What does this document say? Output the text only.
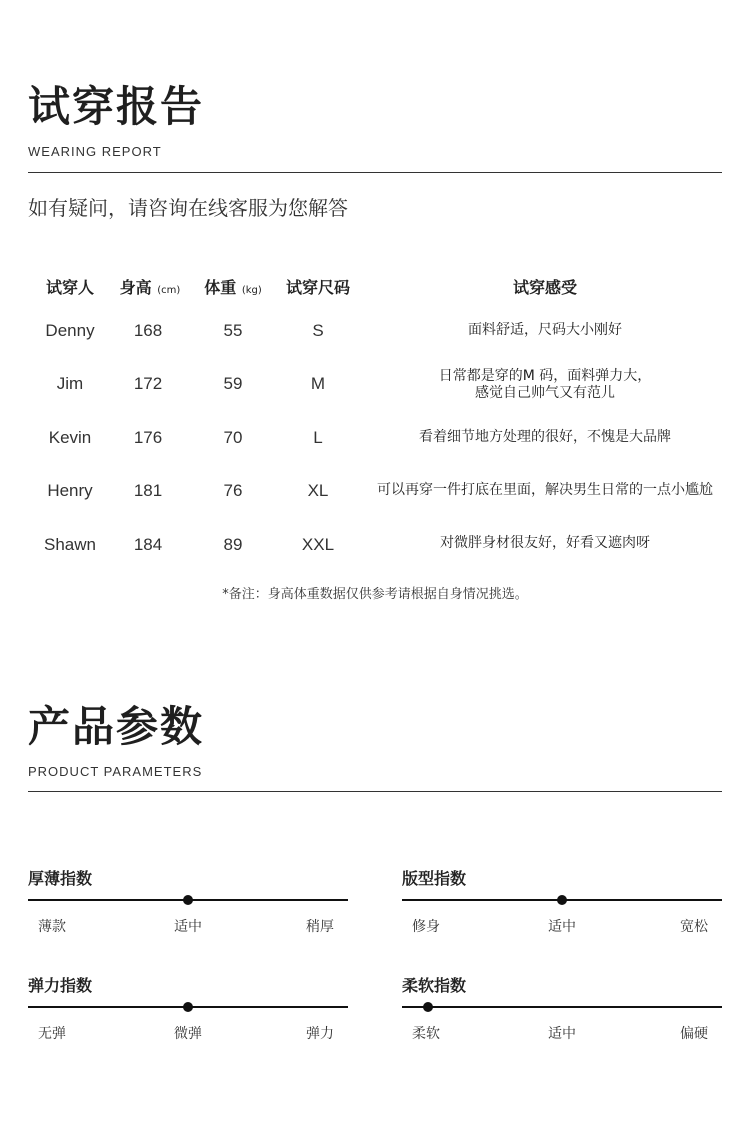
试穿报告
WEARING REPORT
如有疑问，请咨询在线客服为您解答
试穿人	身高 (cm)	体重 (kg)	试穿尺码	试穿感受
Denny	168	55	S	面料舒适，尺码大小刚好
Jim	172	59	M	日常都是穿的M 码，面料弹力大，
感觉自己帅气又有范儿
Kevin	176	70	L	看着细节地方处理的很好，不愧是大品牌
Henry	181	76	XL	可以再穿一件打底在里面，解决男生日常的一点小尴尬
Shawn	184	89	XXL	对微胖身材很友好，好看又遮肉呀
*备注：身高体重数据仅供参考请根据自身情况挑选。
产品参数
PRODUCT PARAMETERS
厚薄指数
薄款	适中	稍厚
版型指数
修身	适中	宽松
弹力指数
无弹	微弹	弹力
柔软指数
柔软	适中	偏硬
